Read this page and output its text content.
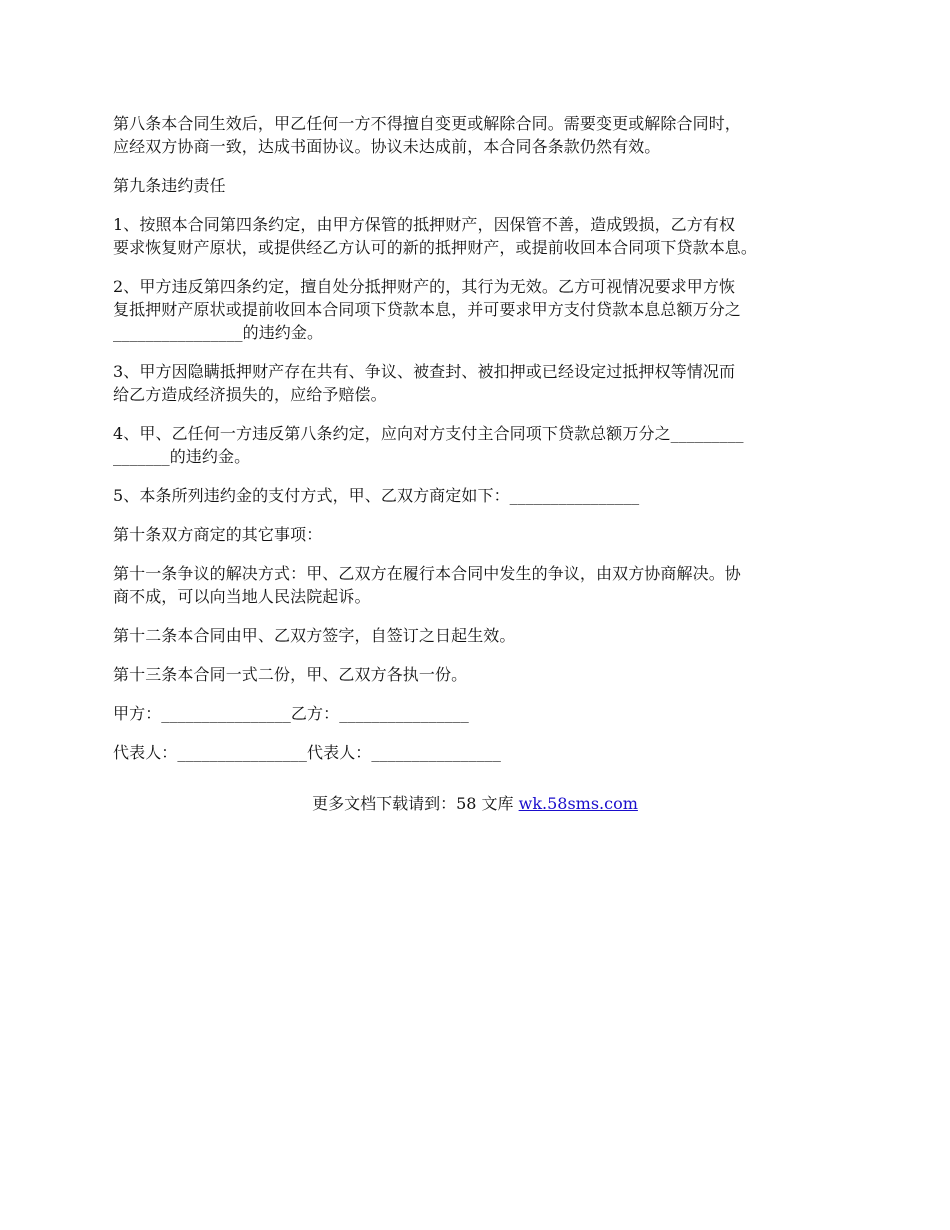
第八条本合同生效后，甲乙任何一方不得擅自变更或解除合同。需要变更或解除合同时，
应经双方协商一致，达成书面协议。协议未达成前，本合同各条款仍然有效。

第九条违约责任

1、按照本合同第四条约定，由甲方保管的抵押财产，因保管不善，造成毁损，乙方有权
要求恢复财产原状，或提供经乙方认可的新的抵押财产，或提前收回本合同项下贷款本息。

2、甲方违反第四条约定，擅自处分抵押财产的，其行为无效。乙方可视情况要求甲方恢
复抵押财产原状或提前收回本合同项下贷款本息，并可要求甲方支付贷款本息总额万分之
________________的违约金。

3、甲方因隐瞒抵押财产存在共有、争议、被查封、被扣押或已经设定过抵押权等情况而
给乙方造成经济损失的，应给予赔偿。

4、甲、乙任何一方违反第八条约定，应向对方支付主合同项下贷款总额万分之_________
_______的违约金。

5、本条所列违约金的支付方式，甲、乙双方商定如下：________________

第十条双方商定的其它事项：

第十一条争议的解决方式：甲、乙双方在履行本合同中发生的争议，由双方协商解决。协
商不成，可以向当地人民法院起诉。

第十二条本合同由甲、乙双方签字，自签订之日起生效。

第十三条本合同一式二份，甲、乙双方各执一份。

甲方：________________乙方：________________

代表人：________________代表人：________________

更多文档下载请到：58 文库 wk.58sms.com
